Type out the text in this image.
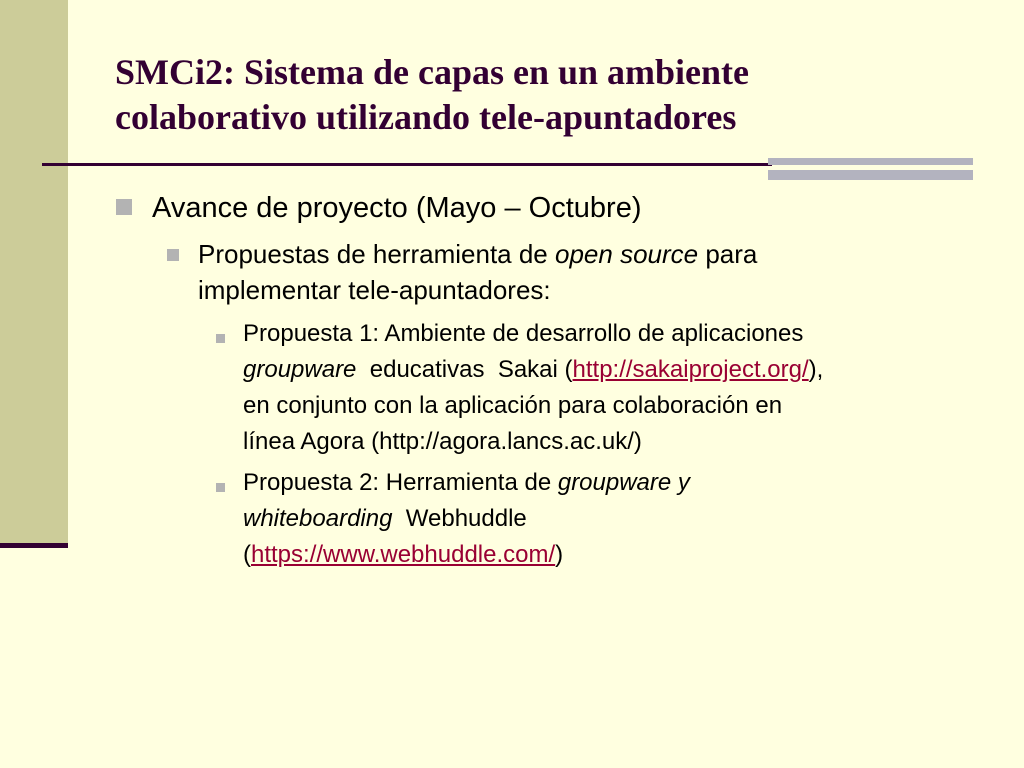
SMCi2: Sistema de capas en un ambiente
colaborativo utilizando tele-apuntadores

Avance de proyecto (Mayo – Octubre)

Propuestas de herramienta de open source para
implementar tele-apuntadores:

Propuesta 1: Ambiente de desarrollo de aplicaciones
groupware  educativas  Sakai (http://sakaiproject.org/),
en conjunto con la aplicación para colaboración en
línea Agora (http://agora.lancs.ac.uk/)

Propuesta 2: Herramienta de groupware y
whiteboarding  Webhuddle
(https://www.webhuddle.com/)
